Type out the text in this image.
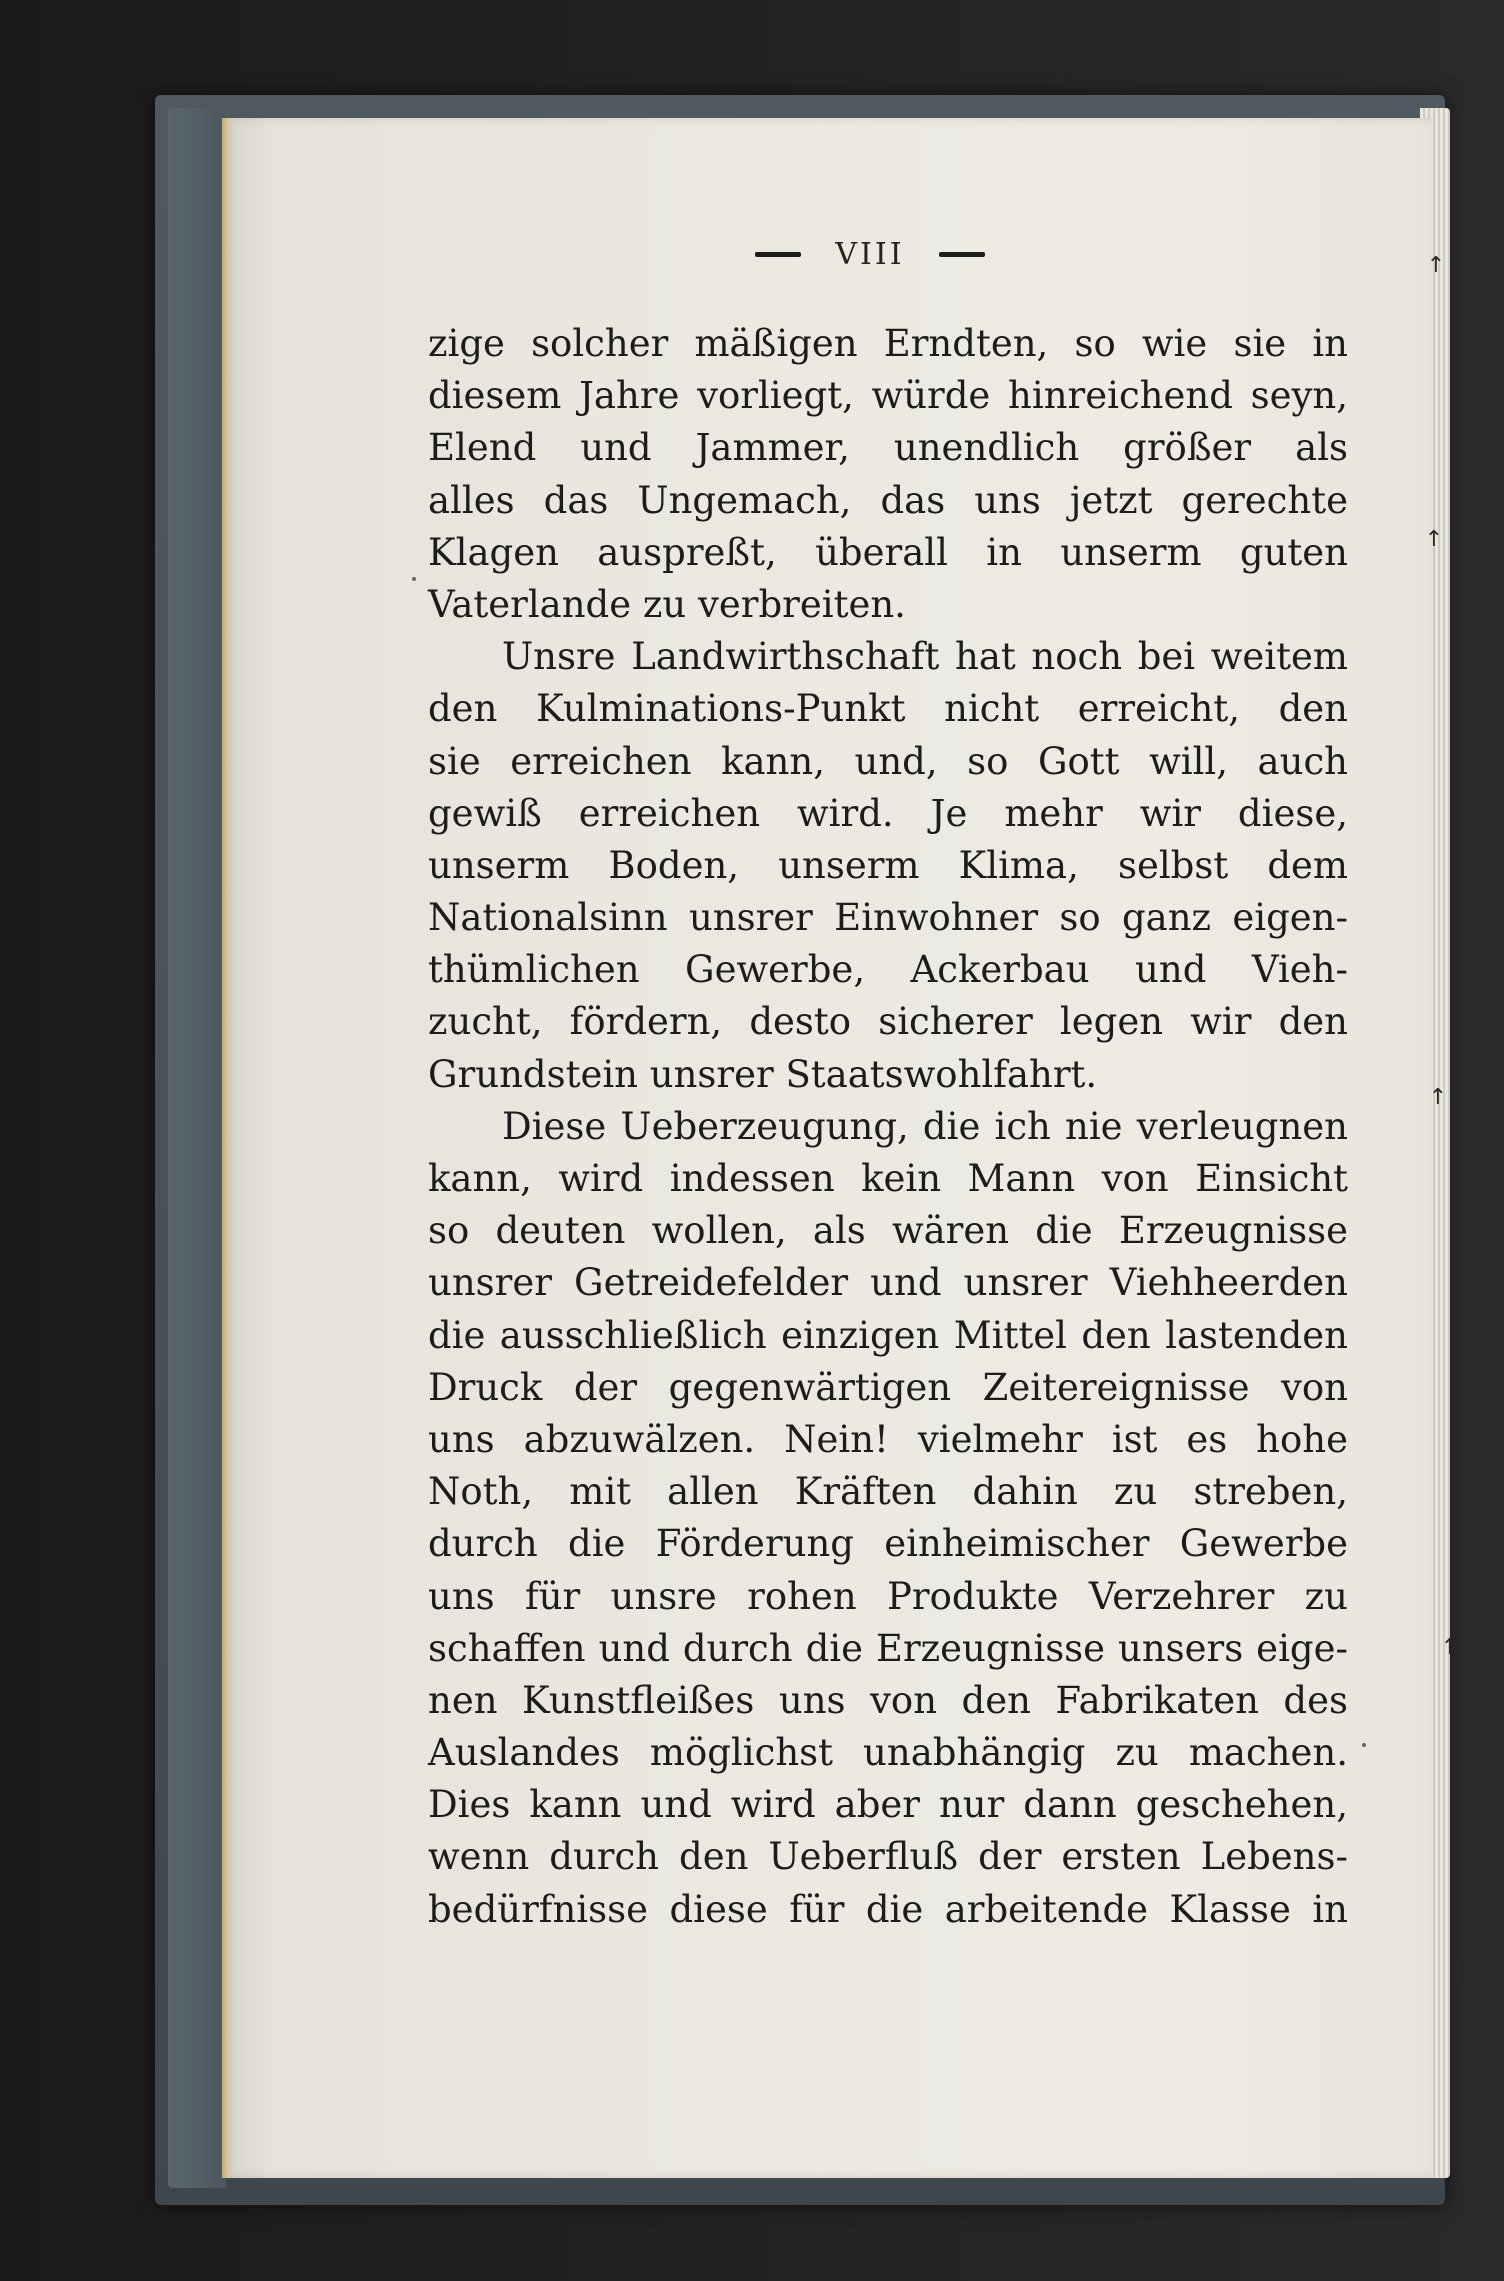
VIII
zige solcher mäßigen Erndten, so wie sie in
diesem Jahre vorliegt, würde hinreichend seyn,
Elend und Jammer, unendlich größer als
alles das Ungemach, das uns jetzt gerechte
Klagen auspreßt, überall in unserm guten
Vaterlande zu verbreiten.
Unsre Landwirthschaft hat noch bei weitem
den Kulminations-Punkt nicht erreicht, den
sie erreichen kann, und, so Gott will, auch
gewiß erreichen wird. Je mehr wir diese,
unserm Boden, unserm Klima, selbst dem
Nationalsinn unsrer Einwohner so ganz eigen-
thümlichen Gewerbe, Ackerbau und Vieh-
zucht, fördern, desto sicherer legen wir den
Grundstein unsrer Staatswohlfahrt.
Diese Ueberzeugung, die ich nie verleugnen
kann, wird indessen kein Mann von Einsicht
so deuten wollen, als wären die Erzeugnisse
unsrer Getreidefelder und unsrer Viehheerden
die ausschließlich einzigen Mittel den lastenden
Druck der gegenwärtigen Zeitereignisse von
uns abzuwälzen. Nein! vielmehr ist es hohe
Noth, mit allen Kräften dahin zu streben,
durch die Förderung einheimischer Gewerbe
uns für unsre rohen Produkte Verzehrer zu
schaffen und durch die Erzeugnisse unsers eige-
nen Kunstfleißes uns von den Fabrikaten des
Auslandes möglichst unabhängig zu machen.
Dies kann und wird aber nur dann geschehen,
wenn durch den Ueberfluß der ersten Lebens-
bedürfnisse diese für die arbeitende Klasse in
↑
↑
↑
↑
↑
